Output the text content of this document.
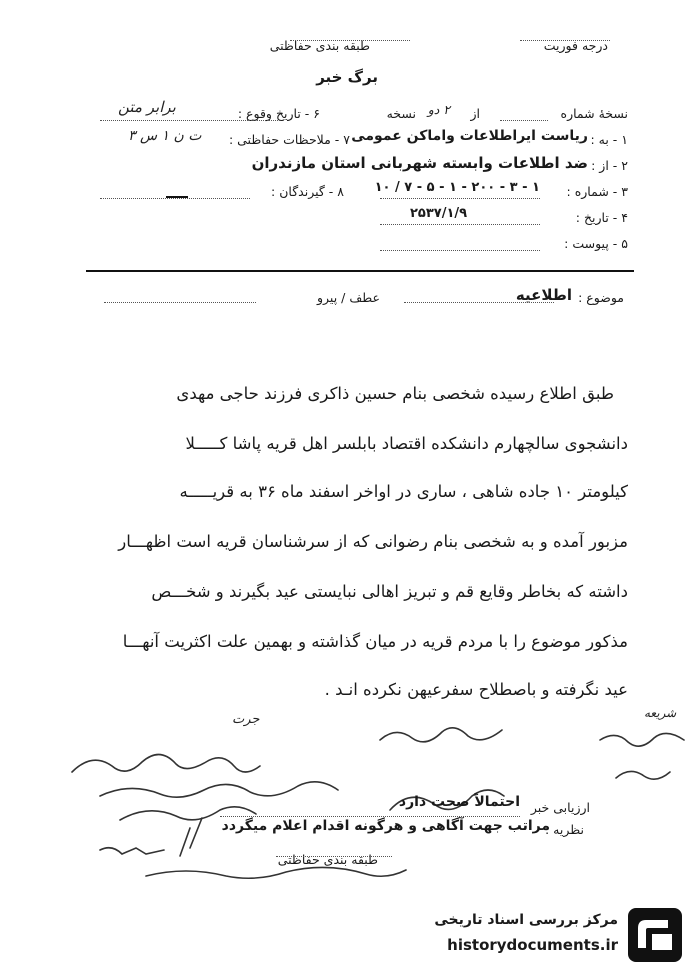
درجه فوریت
طبقه بندی حفاظتی
برگ خبر
نسخهٔ شماره
از
۲ دو
نسخه
۶ - تاریخ وقوع :
برابر متن
۱ - به :
ریاست ایراطلاعات واماکن عمومی
۷ - ملاحظات حفاظتی :
ت ن ۱ س ۳
۲ - از :
ضد اطلاعات وابسته شهربانی استان مازندران
۳ - شماره :
۱۰ / ۷ - ۵ - ۱ - ۲۰۰ - ۳ - ۱
۸ - گیرندگان :
۴ - تاریخ :
۲۵۳۷/۱/۹
۵ - پیوست :
موضوع :
اطلاعیه
عطف / پیرو
طبق اطلاع رسیده شخصی بنام حسین ذاکری فرزند حاجی مهدی
دانشجوی سالچهارم دانشکده اقتصاد بابلسر اهل قریه پاشا کـــــلا
کیلومتر ۱۰ جاده شاهی ، ساری در اواخر اسفند ماه ۳۶ به قریـــــه
مزبور آمده و به شخصی بنام رضوانی که از سرشناسان قریه است اظهـــار
داشته که بخاطر وقایع قم و تبریز اهالی نبایستی عید بگیرند و شخـــص
مذکور موضوع را با مردم قریه در میان گذاشته و بهمین علت اکثریت آنهـــا
عید نگرفته و باصطلاح سفرعیهن نکرده انـد .
جرت	شریعه
ارزیابی خبر
احتمالاً صحت دارد
نظریه :
مراتب جهت آگاهی و هرگونه اقدام اعلام میگردد
طبقه بندی حفاظتی
مرکز بررسی اسناد تاریخی
historydocuments.ir
